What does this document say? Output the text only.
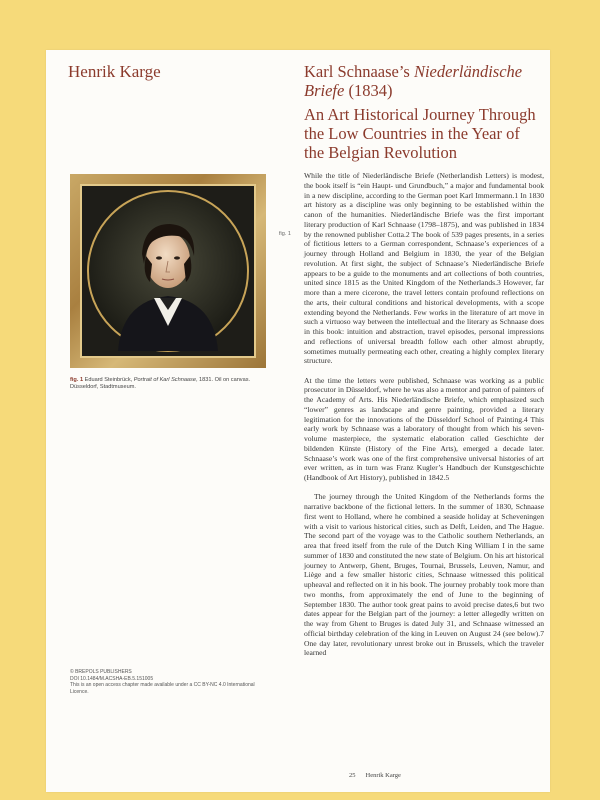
Henrik Karge	Karl Schnaase’s Niederländische Briefe (1834)
An Art Historical Journey Through the Low Countries in the Year of the Belgian Revolution
fig. 1 Eduard Steinbrück, Portrait of Karl Schnaase, 1831. Oil on canvas. Düsseldorf, Stadtmuseum.
fig. 1

While the title of Niederländische Briefe (Netherlandish Letters) is modest, the book itself is “ein Haupt- und Grundbuch,” a major and fundamental book in a new discipline, according to the German poet Karl Immermann.1 In 1830 art history as a discipline was only beginning to be established within the canon of the humanities. Niederländische Briefe was the first important literary production of Karl Schnaase (1798–1875), and was published in 1834 by the renowned publisher Cotta.2 The book of 539 pages presents, in a series of fictitious letters to a German correspondent, Schnaase’s experiences of a journey through Holland and Belgium in 1830, the year of the Belgian revolution. At first sight, the subject of Schnaase’s Niederländische Briefe appears to be a guide to the monuments and art collections of both countries, united since 1815 as the United Kingdom of the Netherlands.3 However, far more than a mere cicerone, the travel letters contain profound reflections on the arts, their cultural conditions and historical developments, with a scope extending beyond the Netherlands. Few works in the literature of art move in such a virtuoso way between the intellectual and the literary as Schnaase does in this book: intuition and abstraction, travel episodes, personal impressions and reflections of universal breadth follow each other almost abruptly, sometimes mutually permeating each other, creating a highly complex literary structure.

At the time the letters were published, Schnaase was working as a public prosecutor in Düsseldorf, where he was also a mentor and patron of painters of the Academy of Arts. His Niederländische Briefe, which emphasized such “lower” genres as landscape and genre painting, provided a literary legitimation for the innovations of the Düsseldorf School of Painting.4 This early work by Schnaase was a laboratory of thought from which his seven-volume masterpiece, the systematic elaboration called Geschichte der bildenden Künste (History of the Fine Arts), emerged a decade later. Schnaase’s work was one of the first comprehensive universal histories of art ever written, as in turn was Franz Kugler’s Handbuch der Kunstgeschichte (Handbook of Art History), published in 1842.5

The journey through the United Kingdom of the Netherlands forms the narrative backbone of the fictional letters. In the summer of 1830, Schnaase first went to Holland, where he combined a seaside holiday at Scheveningen with a visit to various historical cities, such as Delft, Leiden, and The Hague. The second part of the voyage was to the Catholic southern Netherlands, an area that freed itself from the rule of the Dutch King William I in the same summer of 1830 and constituted the new state of Belgium. On his art historical journey to Antwerp, Ghent, Bruges, Tournai, Brussels, Leuven, Namur, and Liège and a few smaller historic cities, Schnaase witnessed this political upheaval and reflected on it in his book. The journey probably took more than two months, from approximately the end of June to the beginning of September 1830. The author took great pains to avoid precise dates,6 but two dates appear for the Belgian part of the journey: a letter allegedly written on the way from Ghent to Bruges is dated July 31, and Schnaase witnessed an official birthday celebration of the king in Leuven on August 24 (see below).7 One day later, revolutionary unrest broke out in Brussels, which the traveler learned

© BREPOLS PUBLISHERS
DOI 10.1484/M.ACSHA-EB.5.151005
This is an open access chapter made available under a CC BY-NC 4.0 International Licence.
25 Henrik Karge
